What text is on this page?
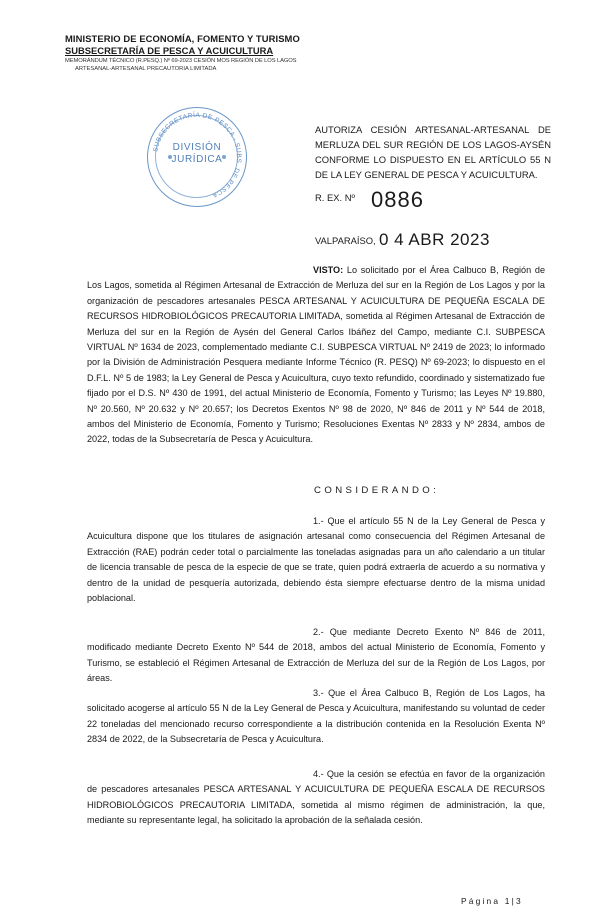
MINISTERIO DE ECONOMÍA, FOMENTO Y TURISMO
SUBSECRETARÍA DE PESCA Y ACUICULTURA
MEMORÁNDUM TÉCNICO (R.PESQ.) Nº 69-2023 CESIÓN MOS REGIÓN DE LOS LAGOS
ARTESANAL-ARTESANAL PRECAUTORIA LIMITADA
SUBSECRETARÍA DE PESCA - SUBS. DE PESCA
DIVISIÓN
JURÍDICA
AUTORIZA CESIÓN ARTESANAL-ARTESANAL DE MERLUZA DEL SUR REGIÓN DE LOS LAGOS-AYSÉN CONFORME LO DISPUESTO EN EL ARTÍCULO 55 N DE LA LEY GENERAL DE PESCA Y ACUICULTURA.
R. EX. Nº 0886
VALPARAÍSO, 0 4 ABR 2023
VISTO: Lo solicitado por el Área Calbuco B, Región de Los Lagos, sometida al Régimen Artesanal de Extracción de Merluza del sur en la Región de Los Lagos y por la organización de pescadores artesanales PESCA ARTESANAL Y ACUICULTURA DE PEQUEÑA ESCALA DE RECURSOS HIDROBIOLÓGICOS PRECAUTORIA LIMITADA, sometida al Régimen Artesanal de Extracción de Merluza del sur en la Región de Aysén del General Carlos Ibáñez del Campo, mediante C.I. SUBPESCA VIRTUAL Nº 1634 de 2023, complementado mediante C.I. SUBPESCA VIRTUAL Nº 2419 de 2023; lo informado por la División de Administración Pesquera mediante Informe Técnico (R. PESQ) Nº 69-2023; lo dispuesto en el D.F.L. Nº 5 de 1983; la Ley General de Pesca y Acuicultura, cuyo texto refundido, coordinado y sistematizado fue fijado por el D.S. Nº 430 de 1991, del actual Ministerio de Economía, Fomento y Turismo; las Leyes Nº 19.880, Nº 20.560, Nº 20.632 y Nº 20.657; los Decretos Exentos Nº 98 de 2020, Nº 846 de 2011 y Nº 544 de 2018, ambos del Ministerio de Economía, Fomento y Turismo; Resoluciones Exentas Nº 2833 y Nº 2834, ambos de 2022, todas de la Subsecretaría de Pesca y Acuicultura.
CONSIDERANDO:
1.- Que el artículo 55 N de la Ley General de Pesca y Acuicultura dispone que los titulares de asignación artesanal como consecuencia del Régimen Artesanal de Extracción (RAE) podrán ceder total o parcialmente las toneladas asignadas para un año calendario a un titular de licencia transable de pesca de la especie de que se trate, quien podrá extraerla de acuerdo a su normativa y dentro de la unidad de pesquería autorizada, debiendo ésta siempre efectuarse dentro de la misma unidad poblacional.
2.- Que mediante Decreto Exento Nº 846 de 2011, modificado mediante Decreto Exento Nº 544 de 2018, ambos del actual Ministerio de Economía, Fomento y Turismo, se estableció el Régimen Artesanal de Extracción de Merluza del sur de la Región de Los Lagos, por áreas.
3.- Que el Área Calbuco B, Región de Los Lagos, ha solicitado acogerse al artículo 55 N de la Ley General de Pesca y Acuicultura, manifestando su voluntad de ceder 22 toneladas del mencionado recurso correspondiente a la distribución contenida en la Resolución Exenta Nº 2834 de 2022, de la Subsecretaría de Pesca y Acuicultura.
4.- Que la cesión se efectúa en favor de la organización de pescadores artesanales PESCA ARTESANAL Y ACUICULTURA DE PEQUEÑA ESCALA DE RECURSOS HIDROBIOLÓGICOS PRECAUTORIA LIMITADA, sometida al mismo régimen de administración, la que, mediante su representante legal, ha solicitado la aprobación de la señalada cesión.
Página 1|3
